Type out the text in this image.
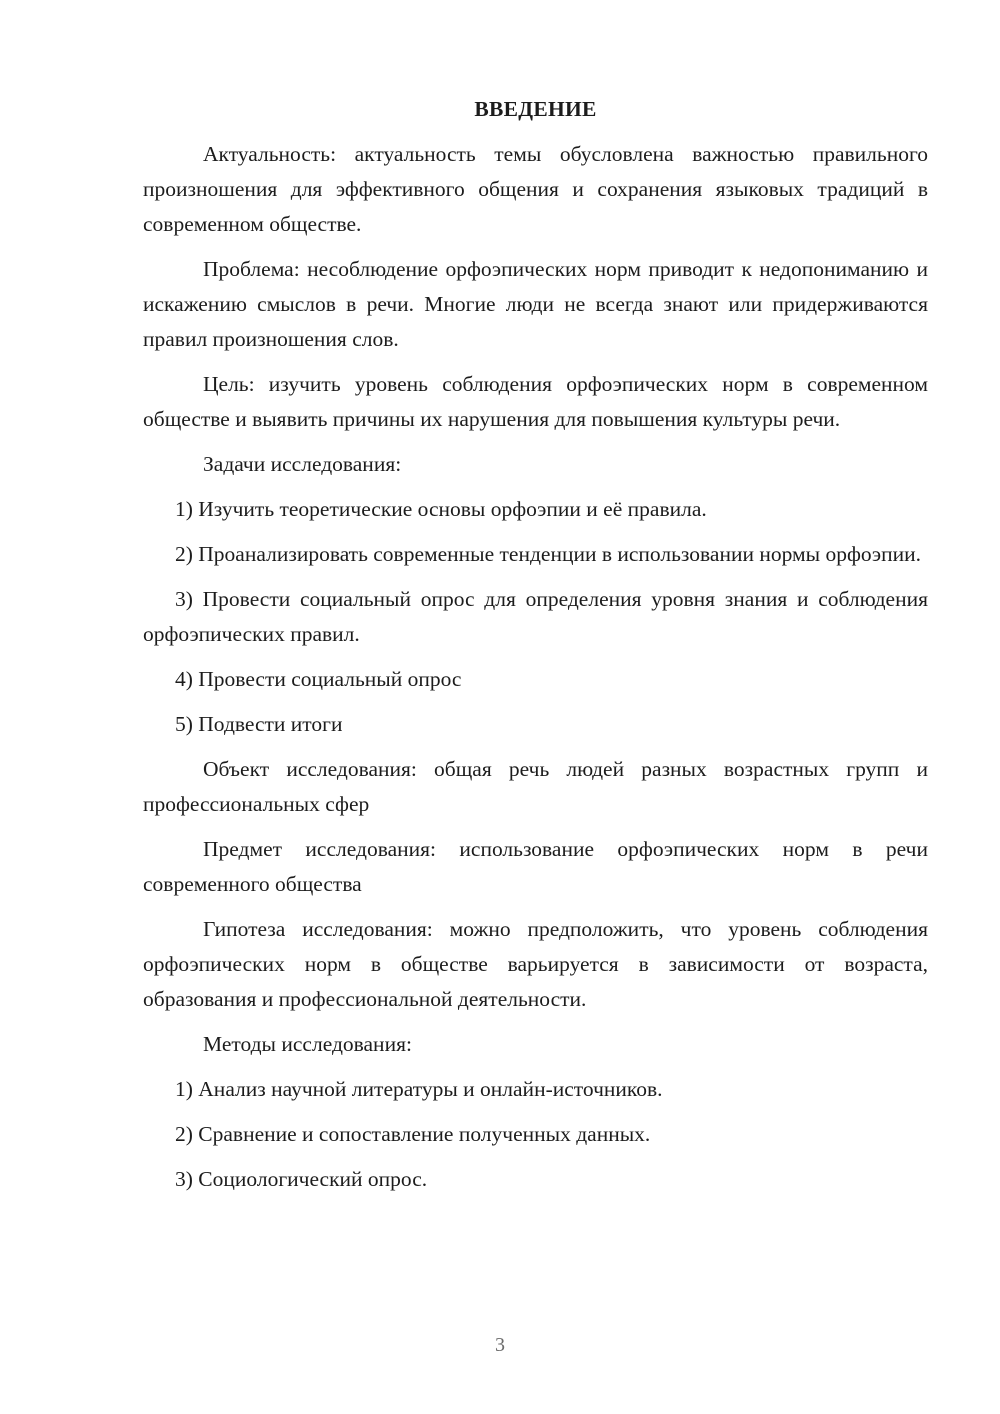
ВВЕДЕНИЕ

Актуальность: актуальность темы обусловлена важностью правильного произношения для эффективного общения и сохранения языковых традиций в современном обществе.

Проблема: несоблюдение орфоэпических норм приводит к недопониманию и искажению смыслов в речи. Многие люди не всегда знают или придерживаются правил произношения слов.

Цель: изучить уровень соблюдения орфоэпических норм в современном обществе и выявить причины их нарушения для повышения культуры речи.

Задачи исследования:

1) Изучить теоретические основы орфоэпии и её правила.

2) Проанализировать современные тенденции в использовании нормы орфоэпии.

3) Провести социальный опрос для определения уровня знания и соблюдения орфоэпических правил.

4) Провести социальный опрос

5) Подвести итоги

Объект исследования: общая речь людей разных возрастных групп и профессиональных сфер

Предмет исследования: использование орфоэпических норм в речи современного общества

Гипотеза исследования: можно предположить, что уровень соблюдения орфоэпических норм в обществе варьируется в зависимости от возраста, образования и профессиональной деятельности.

Методы исследования:

1) Анализ научной литературы и онлайн-источников.

2) Сравнение и сопоставление полученных данных.

3) Социологический опрос.

3
